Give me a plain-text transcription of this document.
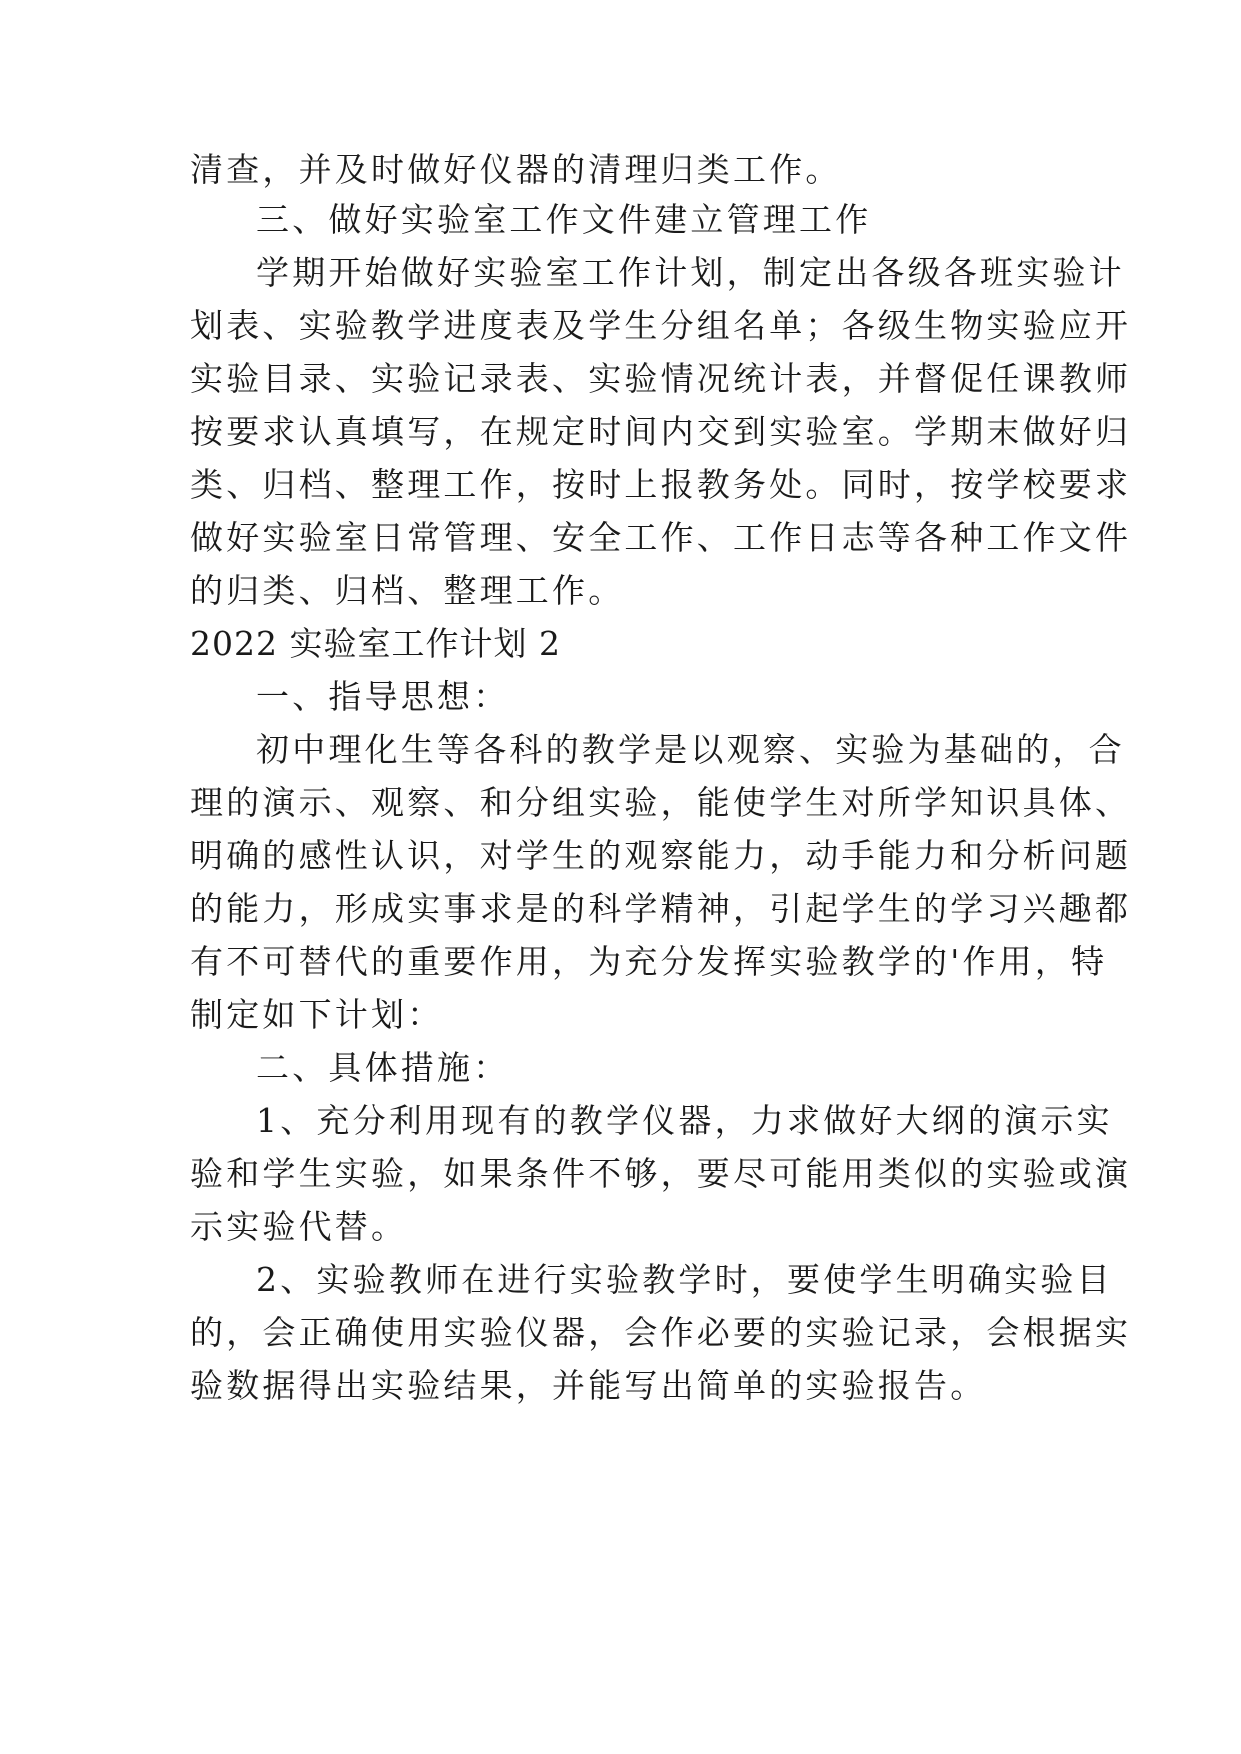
清查，并及时做好仪器的清理归类工作。
三、做好实验室工作文件建立管理工作
学期开始做好实验室工作计划，制定出各级各班实验计
划表、实验教学进度表及学生分组名单；各级生物实验应开
实验目录、实验记录表、实验情况统计表，并督促任课教师
按要求认真填写，在规定时间内交到实验室。学期末做好归
类、归档、整理工作，按时上报教务处。同时，按学校要求
做好实验室日常管理、安全工作、工作日志等各种工作文件
的归类、归档、整理工作。
2022 实验室工作计划 2
一、指导思想：
初中理化生等各科的教学是以观察、实验为基础的，合
理的演示、观察、和分组实验，能使学生对所学知识具体、
明确的感性认识，对学生的观察能力，动手能力和分析问题
的能力，形成实事求是的科学精神，引起学生的学习兴趣都
有不可替代的重要作用，为充分发挥实验教学的'作用，特
制定如下计划：
二、具体措施：
1、充分利用现有的教学仪器，力求做好大纲的演示实
验和学生实验，如果条件不够，要尽可能用类似的实验或演
示实验代替。
2、实验教师在进行实验教学时，要使学生明确实验目
的，会正确使用实验仪器，会作必要的实验记录，会根据实
验数据得出实验结果，并能写出简单的实验报告。
